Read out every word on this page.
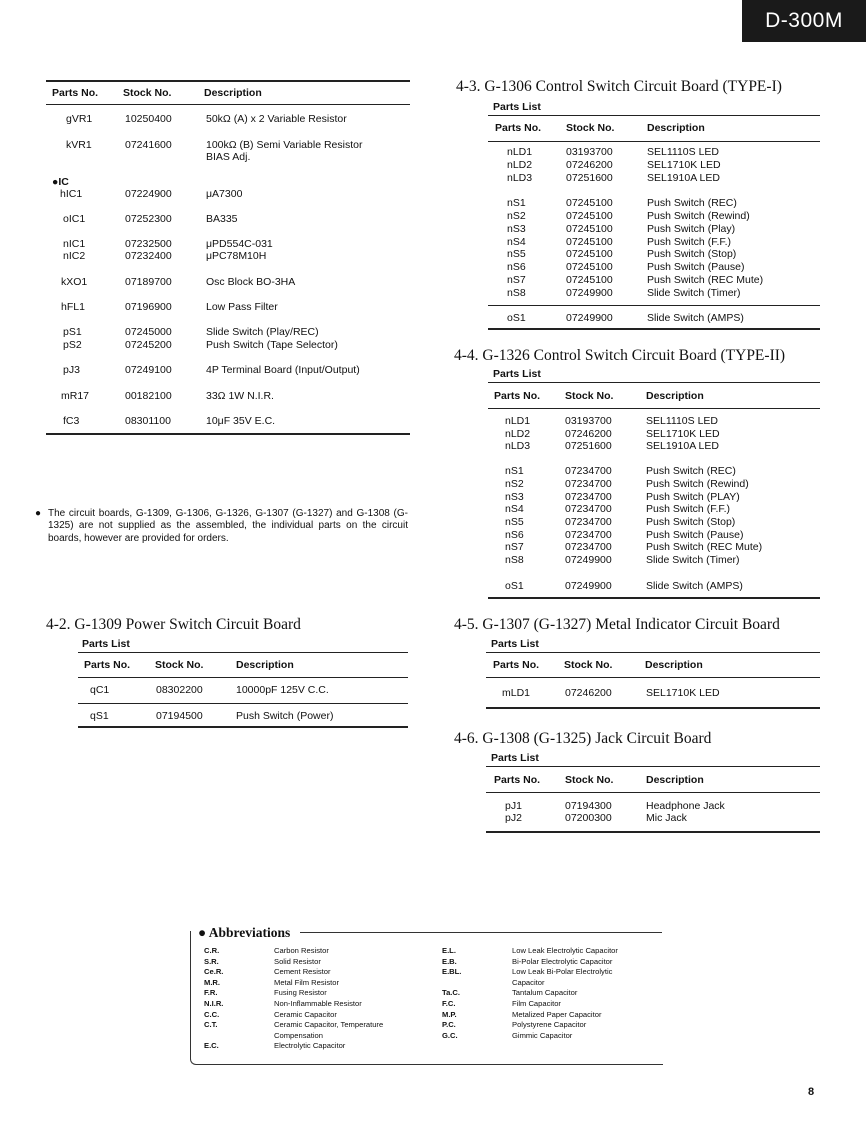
D-300M
Parts No. Stock No.	Description
gVR1	10250400	50kΩ (A) x 2 Variable Resistor
kVR1	07241600	100kΩ (B) Semi Variable Resistor
BIAS Adj.
●IC
hIC1	07224900	μA7300
oIC1	07252300	BA335
nIC1	07232500	μPD554C-031
nIC2	07232400	μPC78M10H
kXO1	07189700	Osc Block BO-3HA
hFL1	07196900	Low Pass Filter
pS1	07245000	Slide Switch (Play/REC)
pS2	07245200	Push Switch (Tape Selector)
pJ3	07249100	4P Terminal Board (Input/Output)
mR17	00182100	33Ω 1W N.I.R.
fC3	08301100	10μF 35V E.C.
● The circuit boards, G-1309, G-1306, G-1326, G-1307 (G-1327) and G-1308 (G-1325) are not supplied as the assembled, the individual parts on the circuit boards, however are provided for orders.
4-2. G-1309 Power Switch Circuit Board
Parts List
Parts No. Stock No.	Description
qC1	08302200	10000pF 125V C.C.
qS1	07194500	Push Switch (Power)
4-3. G-1306 Control Switch Circuit Board (TYPE-I)
Parts List
Parts No. Stock No.	Description
nLD1	03193700	SEL1110S LED
nLD2	07246200	SEL1710K LED
nLD3	07251600	SEL1910A LED
nS1	07245100	Push Switch (REC)
nS2	07245100	Push Switch (Rewind)
nS3	07245100	Push Switch (Play)
nS4	07245100	Push Switch (F.F.)
nS5	07245100	Push Switch (Stop)
nS6	07245100	Push Switch (Pause)
nS7	07245100	Push Switch (REC Mute)
nS8	07249900	Slide Switch (Timer)
oS1	07249900	Slide Switch (AMPS)
4-4. G-1326 Control Switch Circuit Board (TYPE-II)
Parts List
Parts No. Stock No.	Description
nLD1	03193700	SEL1110S LED
nLD2	07246200	SEL1710K LED
nLD3	07251600	SEL1910A LED
nS1	07234700	Push Switch (REC)
nS2	07234700	Push Switch (Rewind)
nS3	07234700	Push Switch (PLAY)
nS4	07234700	Push Switch (F.F.)
nS5	07234700	Push Switch (Stop)
nS6	07234700	Push Switch (Pause)
nS7	07234700	Push Switch (REC Mute)
nS8	07249900	Slide Switch (Timer)
oS1	07249900	Slide Switch (AMPS)
4-5. G-1307 (G-1327) Metal Indicator Circuit Board
Parts List
Parts No. Stock No.	Description
mLD1	07246200	SEL1710K LED
4-6. G-1308 (G-1325) Jack Circuit Board
Parts List
Parts No. Stock No.	Description
pJ1	07194300	Headphone Jack
pJ2	07200300	Mic Jack
● Abbreviations
C.R.	Carbon Resistor
S.R.	Solid Resistor
Ce.R.	Cement Resistor
M.R.	Metal Film Resistor
F.R.	Fusing Resistor
N.I.R.	Non-Inflammable Resistor
C.C.	Ceramic Capacitor
C.T.	Ceramic Capacitor, Temperature
Compensation
E.C.	Electrolytic Capacitor
E.L.	Low Leak Electrolytic Capacitor
E.B.	Bi-Polar Electrolytic Capacitor
E.BL.	Low Leak Bi-Polar Electrolytic
Capacitor
Ta.C.	Tantalum Capacitor
F.C.	Film Capacitor
M.P.	Metalized Paper Capacitor
P.C.	Polystyrene Capacitor
G.C.	Gimmic Capacitor
8
